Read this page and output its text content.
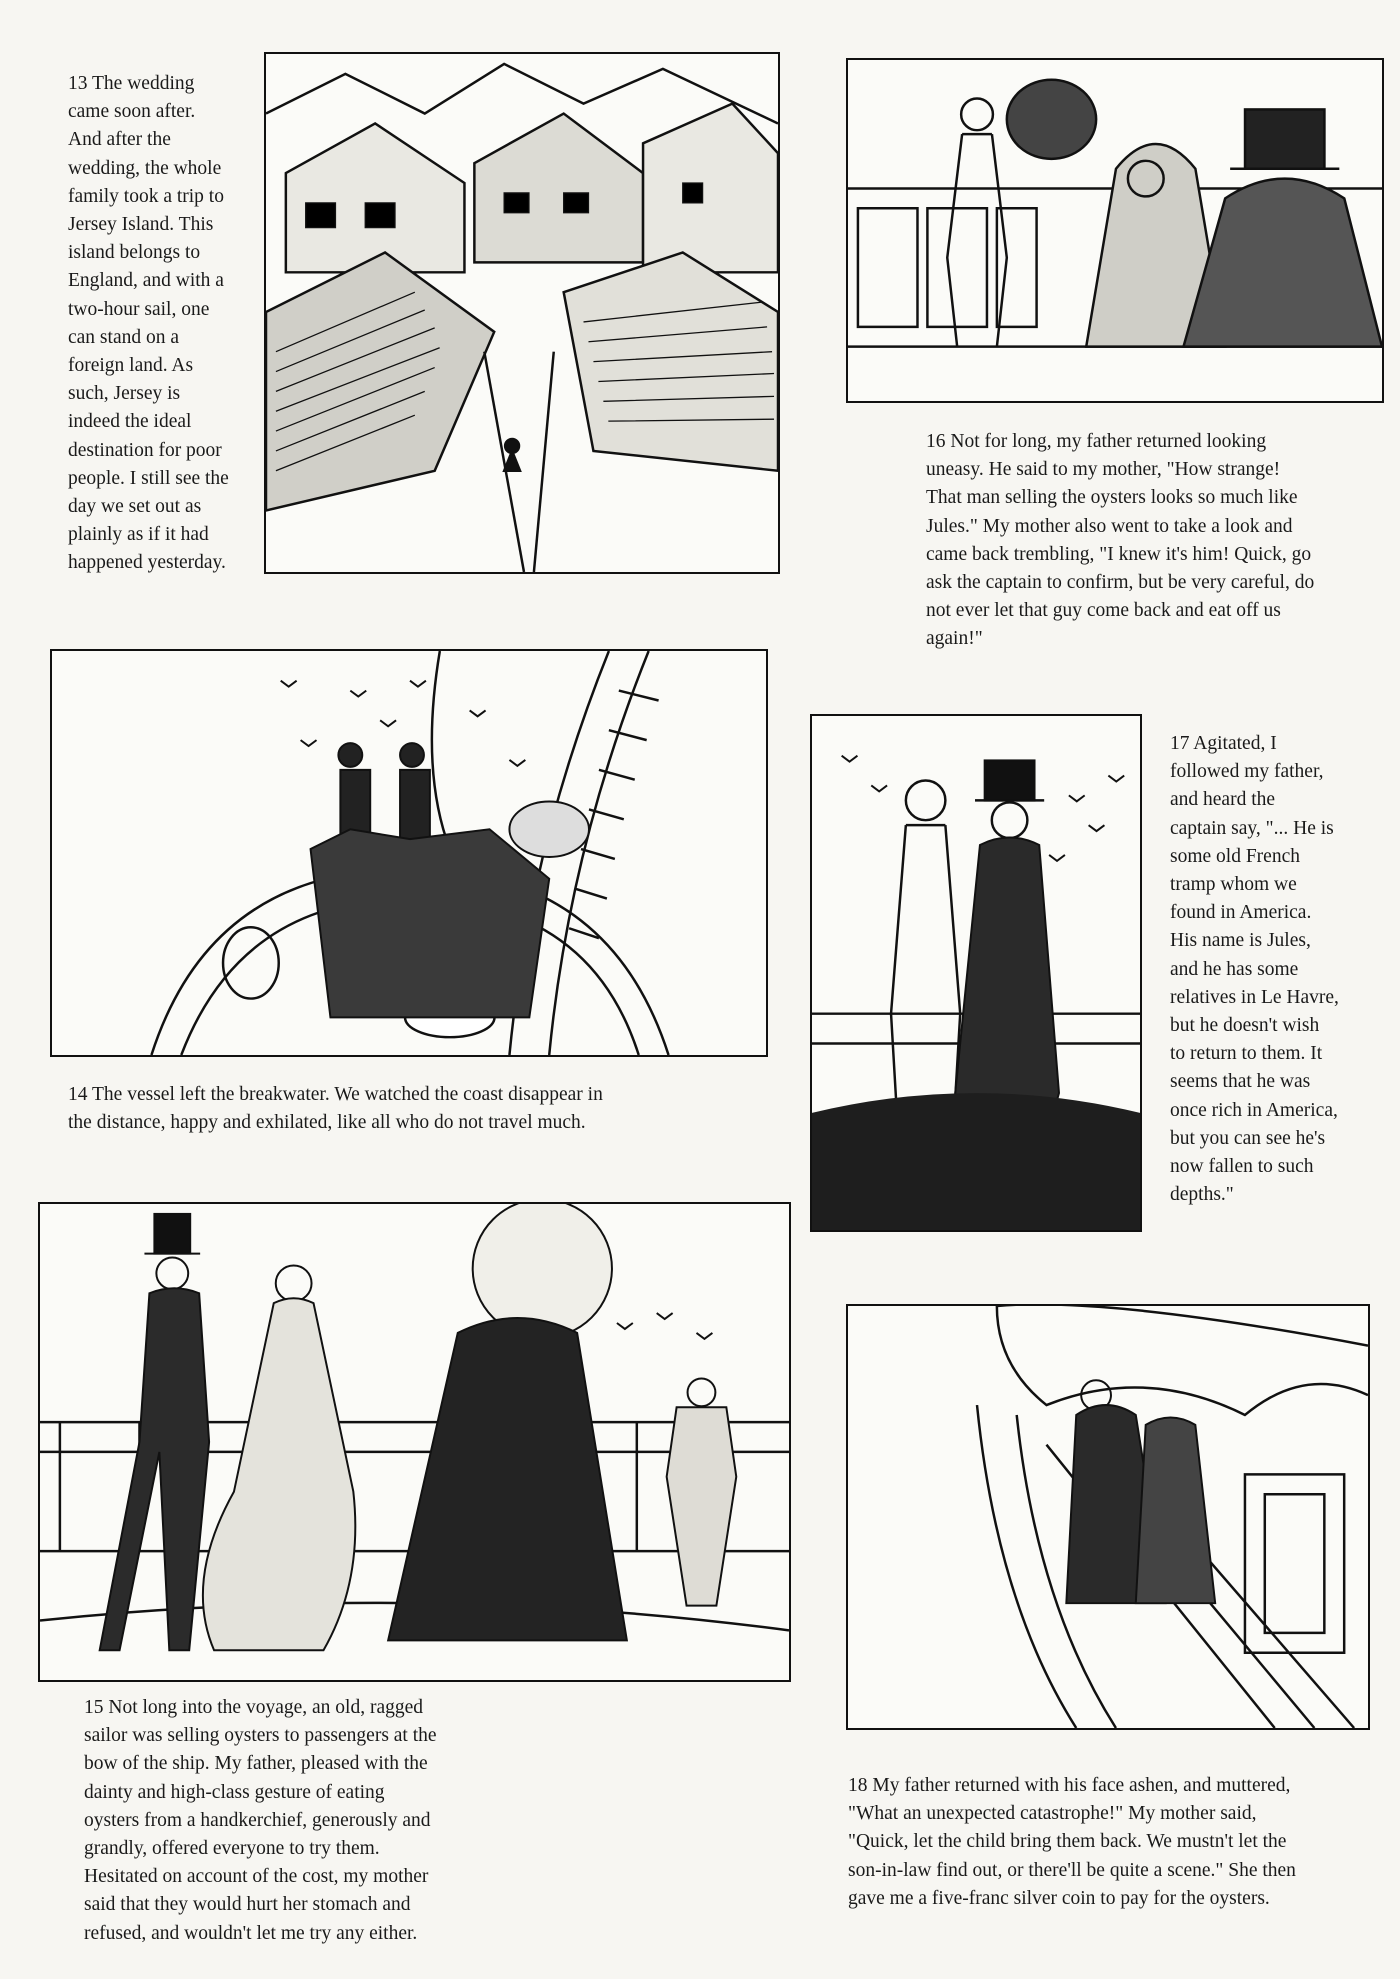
13 The wedding
came soon after.
And after the
wedding, the whole
family took a trip to
Jersey Island. This
island belongs to
England, and with a
two-hour sail, one
can stand on a
foreign land. As
such, Jersey is
indeed the ideal
destination for poor
people. I still see the
day we set out as
plainly as if it had
happened yesterday.

16 Not for long, my father returned looking
uneasy. He said to my mother, "How strange!
That man selling the oysters looks so much like
Jules." My mother also went to take a look and
came back trembling, "I knew it's him! Quick, go
ask the captain to confirm, but be very careful, do
not ever let that guy come back and eat off us
again!"

14 The vessel left the breakwater. We watched the coast disappear in
the distance, happy and exhilated, like all who do not travel much.

17 Agitated, I
followed my father,
and heard the
captain say, "... He is
some old French
tramp whom we
found in America.
His name is Jules,
and he has some
relatives in Le Havre,
but he doesn't wish
to return to them. It
seems that he was
once rich in America,
but you can see he's
now fallen to such
depths."

15 Not long into the voyage, an old, ragged
sailor was selling oysters to passengers at the
bow of the ship. My father, pleased with the
dainty and high-class gesture of eating
oysters from a handkerchief, generously and
grandly, offered everyone to try them.
Hesitated on account of the cost, my mother
said that they would hurt her stomach and
refused, and wouldn't let me try any either.

18 My father returned with his face ashen, and muttered,
"What an unexpected catastrophe!" My mother said,
"Quick, let the child bring them back. We mustn't let the
son-in-law find out, or there'll be quite a scene." She then
gave me a five-franc silver coin to pay for the oysters.
